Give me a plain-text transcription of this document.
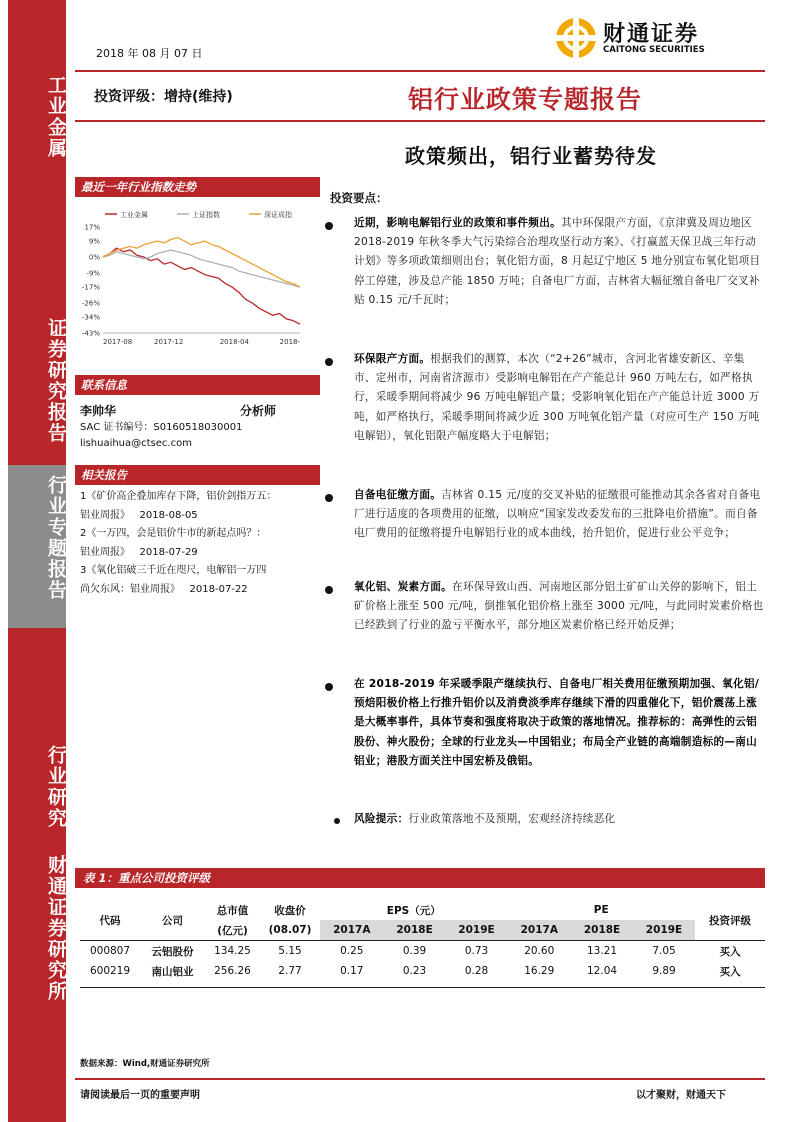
工业金属
证券研究报告
行业专题报告
行业研究
财通证券研究所
2018 年 08 月 07 日
财通证券
CAITONG SECURITIES
投资评级：增持(维持)	铝行业政策专题报告
政策频出，铝行业蓄势待发
最近一年行业指数走势
工业金属	上证指数	深证成指
17%
9%
0%
-9%
-17%
-26%
-34%
-43%
2017-08	2017-12	2018-04	2018-
联系信息
李帅华	分析师
SAC 证书编号：S0160518030001
lishuaihua@ctsec.com
相关报告
1《矿价高企叠加库存下降，铝价剑指万五：
铝业周报》 2018-08-05
2《一万四，会是铝价牛市的新起点吗？：
铝业周报》 2018-07-29
3《氧化铝破三千近在咫尺，电解铝一万四
尚欠东风：铝业周报》 2018-07-22
投资要点：
近期，影响电解铝行业的政策和事件频出。其中环保限产方面，《京津冀及周边地区 2018-2019 年秋冬季大气污染综合治理攻坚行动方案》、《打赢蓝天保卫战三年行动计划》等多项政策细则出台；氧化铝方面，8 月起辽宁地区 5 地分别宣布氧化铝项目停工停建，涉及总产能 1850 万吨；自备电厂方面，吉林省大幅征缴自备电厂交叉补贴 0.15 元/千瓦时；
环保限产方面。根据我们的测算，本次（“2+26”城市，含河北省雄安新区、辛集市、定州市，河南省济源市）受影响电解铝在产产能总计 960 万吨左右，如严格执行，采暖季期间将减少 96 万吨电解铝产量；受影响氧化铝在产产能总计近 3000 万吨，如严格执行，采暖季期间将减少近 300 万吨氧化铝产量（对应可生产 150 万吨电解铝），氧化铝限产幅度略大于电解铝；
自备电征缴方面。吉林省 0.15 元/度的交叉补贴的征缴很可能推动其余各省对自备电厂进行适度的各项费用的征缴，以响应“国家发改委发布的三批降电价措施”。而自备电厂费用的征缴将提升电解铝行业的成本曲线，抬升铝价，促进行业公平竞争；
氧化铝、炭素方面。在环保导致山西、河南地区部分铝土矿矿山关停的影响下，铝土矿价格上涨至 500 元/吨，倒推氧化铝价格上涨至 3000 元/吨，与此同时炭素价格也已经跌到了行业的盈亏平衡水平，部分地区炭素价格已经开始反弹；
在 2018-2019 年采暖季限产继续执行、自备电厂相关费用征缴预期加强、氧化铝/预焙阳极价格上行推升铝价以及消费淡季库存继续下滑的四重催化下，铝价震荡上涨是大概率事件，具体节奏和强度将取决于政策的落地情况。推荐标的：高弹性的云铝股份、神火股份；全球的行业龙头—中国铝业；布局全产业链的高端制造标的—南山铝业；港股方面关注中国宏桥及俄铝。
风险提示：行业政策落地不及预期，宏观经济持续恶化
表 1：重点公司投资评级
代码	公司	总市值	收盘价	EPS（元）			PE			投资评级
		(亿元)	(08.07)	2017A	2018E	2019E	2017A	2018E	2019E	
000807	云铝股份	134.25	5.15	0.25	0.39	0.73	20.60	13.21	7.05	买入
600219	南山铝业	256.26	2.77	0.17	0.23	0.28	16.29	12.04	9.89	买入
数据来源：Wind,财通证券研究所
请阅读最后一页的重要声明	以才聚财，财通天下
